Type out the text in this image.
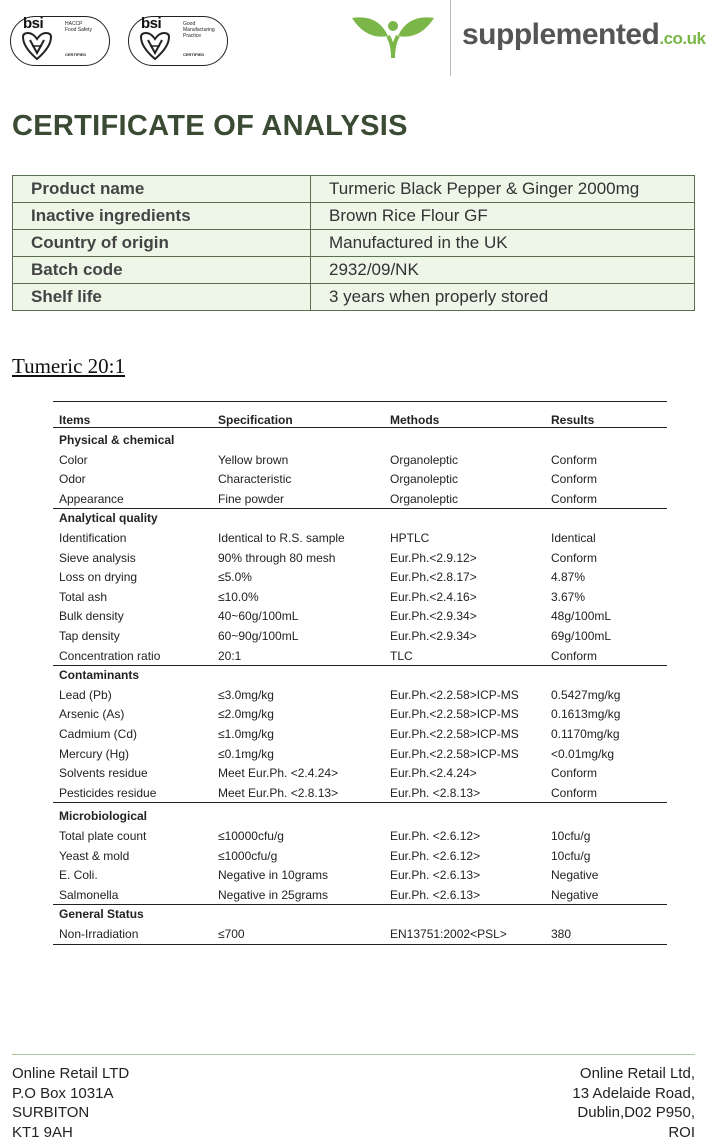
bsi	HACCP
Food Safety
CERTIFIED
bsi	Good
Manufacturing
Practice
CERTIFIED
supplemented.co.uk
CERTIFICATE OF ANALYSIS
Product name	Turmeric Black Pepper & Ginger 2000mg
Inactive ingredients	Brown Rice Flour GF
Country of origin	Manufactured in the UK
Batch code	2932/09/NK
Shelf life	3 years when properly stored
Tumeric 20:1
Items	Specification	Methods	Results
Physical & chemical
Color	Yellow brown	Organoleptic	Conform
Odor	Characteristic	Organoleptic	Conform
Appearance	Fine powder	Organoleptic	Conform
Analytical quality
Identification	Identical to R.S. sample	HPTLC	Identical
Sieve analysis	90% through 80 mesh	Eur.Ph.<2.9.12>	Conform
Loss on drying	≤5.0%	Eur.Ph.<2.8.17>	4.87%
Total ash	≤10.0%	Eur.Ph.<2.4.16>	3.67%
Bulk density	40~60g/100mL	Eur.Ph.<2.9.34>	48g/100mL
Tap density	60~90g/100mL	Eur.Ph.<2.9.34>	69g/100mL
Concentration ratio	20:1	TLC	Conform
Contaminants
Lead (Pb)	≤3.0mg/kg	Eur.Ph.<2.2.58>ICP-MS	0.5427mg/kg
Arsenic (As)	≤2.0mg/kg	Eur.Ph.<2.2.58>ICP-MS	0.1613mg/kg
Cadmium (Cd)	≤1.0mg/kg	Eur.Ph.<2.2.58>ICP-MS	0.1170mg/kg
Mercury (Hg)	≤0.1mg/kg	Eur.Ph.<2.2.58>ICP-MS	<0.01mg/kg
Solvents residue	Meet Eur.Ph. <2.4.24>	Eur.Ph.<2.4.24>	Conform
Pesticides residue	Meet Eur.Ph. <2.8.13>	Eur.Ph. <2.8.13>	Conform
Microbiological
Total plate count	≤10000cfu/g	Eur.Ph. <2.6.12>	10cfu/g
Yeast & mold	≤1000cfu/g	Eur.Ph. <2.6.12>	10cfu/g
E. Coli.	Negative in 10grams	Eur.Ph. <2.6.13>	Negative
Salmonella	Negative in 25grams	Eur.Ph. <2.6.13>	Negative
General Status
Non-Irradiation	≤700	EN13751:2002<PSL>	380
Online Retail LTD
P.O Box 1031A
SURBITON
KT1 9AH
Online Retail Ltd,
13 Adelaide Road,
Dublin,D02 P950,
ROI
